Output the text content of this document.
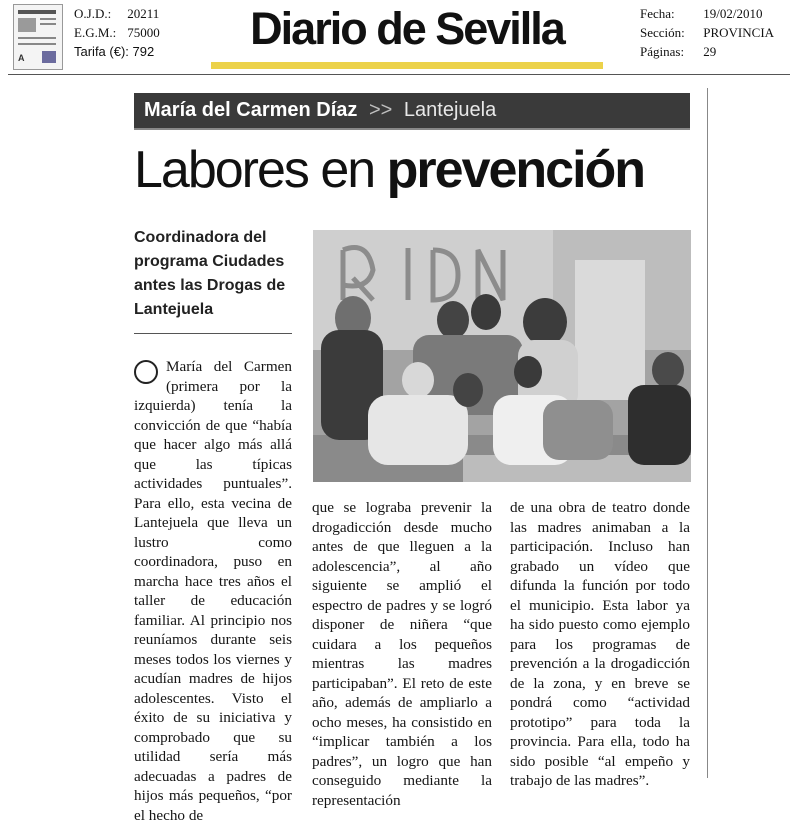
A
O.J.D.: 20211
E.G.M.: 75000
Tarifa (€): 792	Diario de Sevilla	Fecha: 19/02/2010
Sección: PROVINCIA
Páginas: 29
María del Carmen Díaz >> Lantejuela
Labores en prevención
Coordinadora del programa Ciudades antes las Drogas de Lantejuela

María del Carmen (primera por la izquierda) tenía la convicción de que “había que hacer algo más allá que las típicas actividades puntuales”. Para ello, esta vecina de Lantejuela que lleva un lustro como coordinadora, puso en marcha hace tres años el taller de educación familiar. Al principio nos reuníamos durante seis meses todos los viernes y acudían madres de hijos adolescentes. Visto el éxito de su iniciativa y comprobado que su utilidad sería más adecuadas a padres de hijos más pequeños, “por el hecho de

que se lograba prevenir la drogadicción desde mucho antes de que lleguen a la adolescencia”, al año siguiente se amplió el espectro de padres y se logró disponer de niñera “que cuidara a los pequeños mientras las madres participaban”. El reto de este año, además de ampliarlo a ocho meses, ha consistido en “implicar también a los padres”, un logro que han conseguido mediante la representación

de una obra de teatro donde las madres animaban a la participación. Incluso han grabado un vídeo que difunda la función por todo el municipio. Esta labor ya ha sido puesto como ejemplo para los programas de prevención a la drogadicción de la zona, y en breve se pondrá como “actividad prototipo” para toda la provincia. Para ella, todo ha sido posible “al empeño y trabajo de las madres”.
